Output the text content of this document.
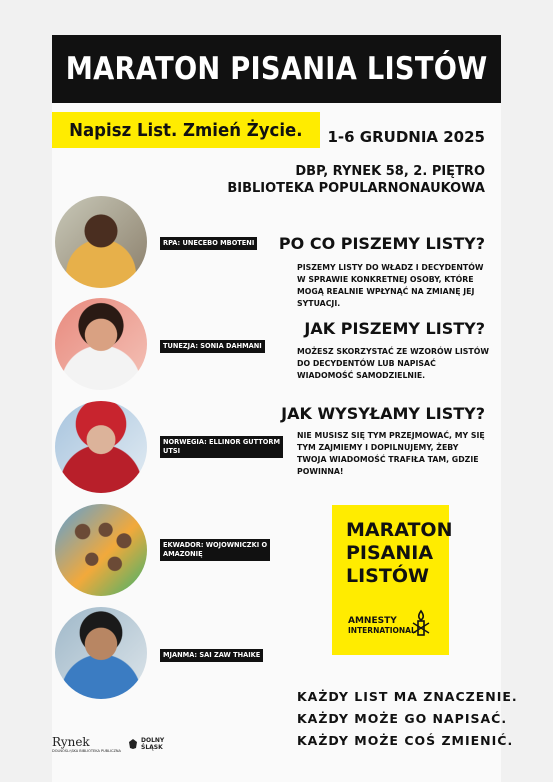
MARATON PISANIA LISTÓW
Napisz List. Zmień Życie. 1-6 GRUDNIA 2025
DBP, RYNEK 58, 2. PIĘTRO
BIBLIOTEKA POPULARNONAUKOWA
PO CO PISZEMY LISTY?
PISZEMY LISTY DO WŁADZ I DECYDENTÓW W SPRAWIE KONKRETNEJ OSOBY, KTÓRE MOGĄ REALNIE WPŁYNĄĆ NA ZMIANĘ JEJ SYTUACJI.
JAK PISZEMY LISTY?
MOŻESZ SKORZYSTAĆ ZE WZORÓW LISTÓW DO DECYDENTÓW LUB NAPISAĆ WIADOMOŚĆ SAMODZIELNIE.
JAK WYSYŁAMY LISTY?
NIE MUSISZ SIĘ TYM PRZEJMOWAĆ, MY SIĘ TYM ZAJMIEMY I DOPILNUJEMY, ŻEBY TWOJA WIADOMOŚĆ TRAFIŁA TAM, GDZIE POWINNA!
RPA: UNECEBO MBOTENI
TUNEZJA: SONIA DAHMANI
NORWEGIA: ELLINOR GUTTORM
UTSI
EKWADOR: WOJOWNICZKI O
AMAZONIĘ
MJANMA: SAI ZAW THAIKE
MARATON
PISANIA
LISTÓW
AMNESTY
INTERNATIONAL
KAŻDY LIST MA ZNACZENIE.
KAŻDY MOŻE GO NAPISAĆ.
KAŻDY MOŻE COŚ ZMIENIĆ.
Rynek
DOLNOŚLĄSKA BIBLIOTEKA PUBLICZNA
DOLNY
ŚLĄSK
